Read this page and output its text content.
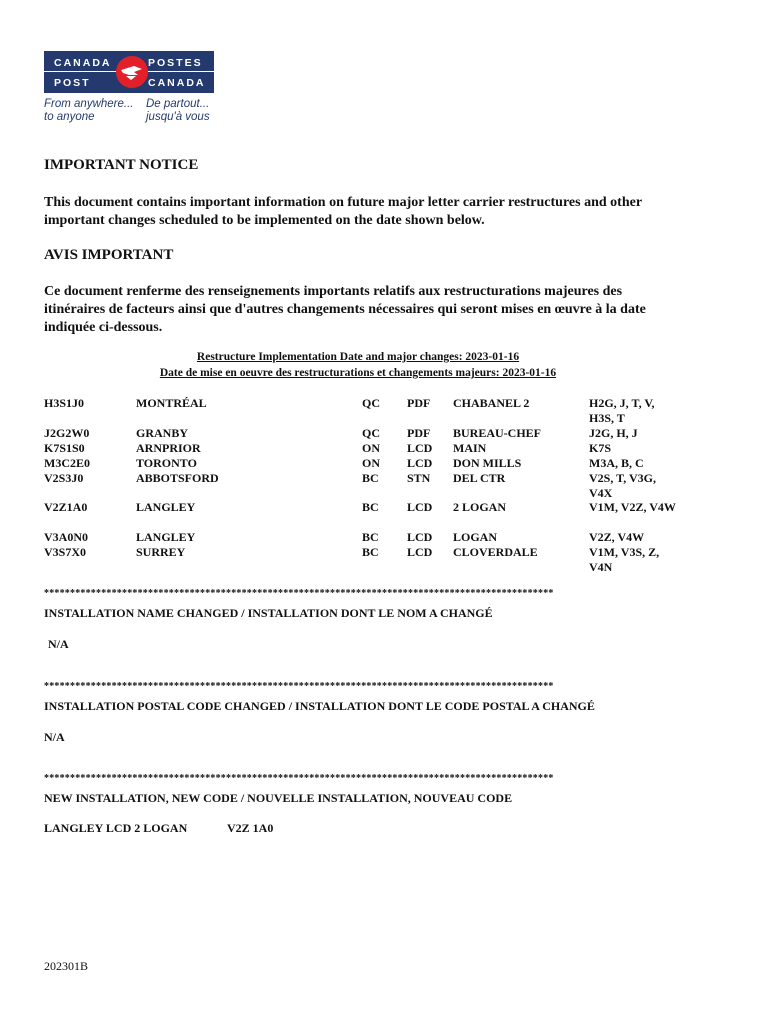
CANADA
POST
POSTES
CANADA
From anywhere...
to anyone
De partout...
jusqu'à vous
IMPORTANT NOTICE
This document contains important information on future major letter carrier restructures and other important changes scheduled to be implemented on the date shown below.
AVIS IMPORTANT
Ce document renferme des renseignements importants relatifs aux restructurations majeures des itinéraires de facteurs ainsi que d'autres changements nécessaires qui seront mises en œuvre à la date indiquée ci-dessous.
Restructure Implementation Date and major changes: 2023-01-16
Date de mise en oeuvre des restructurations et changements majeurs: 2023-01-16
H3S1J0	MONTRÉAL	QC PDF CHABANEL 2	H2G, J, T, V, H3S, T
J2G2W0	GRANBY	QC PDF BUREAU-CHEF	J2G, H, J
K7S1S0	ARNPRIOR	ON LCD MAIN	K7S
M3C2E0	TORONTO	ON LCD DON MILLS	M3A, B, C
V2S3J0	ABBOTSFORD	BC STN DEL CTR	V2S, T, V3G, V4X
V2Z1A0	LANGLEY	BC LCD 2 LOGAN	V1M, V2Z, V4W
V3A0N0	LANGLEY	BC LCD LOGAN	V2Z, V4W
V3S7X0	SURREY	BC LCD CLOVERDALE	V1M, V3S, Z, V4N
**************************************************************************************************
INSTALLATION NAME CHANGED / INSTALLATION DONT LE NOM A CHANGÉ
N/A
**************************************************************************************************
INSTALLATION POSTAL CODE CHANGED / INSTALLATION DONT LE CODE POSTAL A CHANGÉ
N/A
**************************************************************************************************
NEW INSTALLATION, NEW CODE / NOUVELLE INSTALLATION, NOUVEAU CODE
LANGLEY LCD 2 LOGAN	V2Z 1A0
202301B
